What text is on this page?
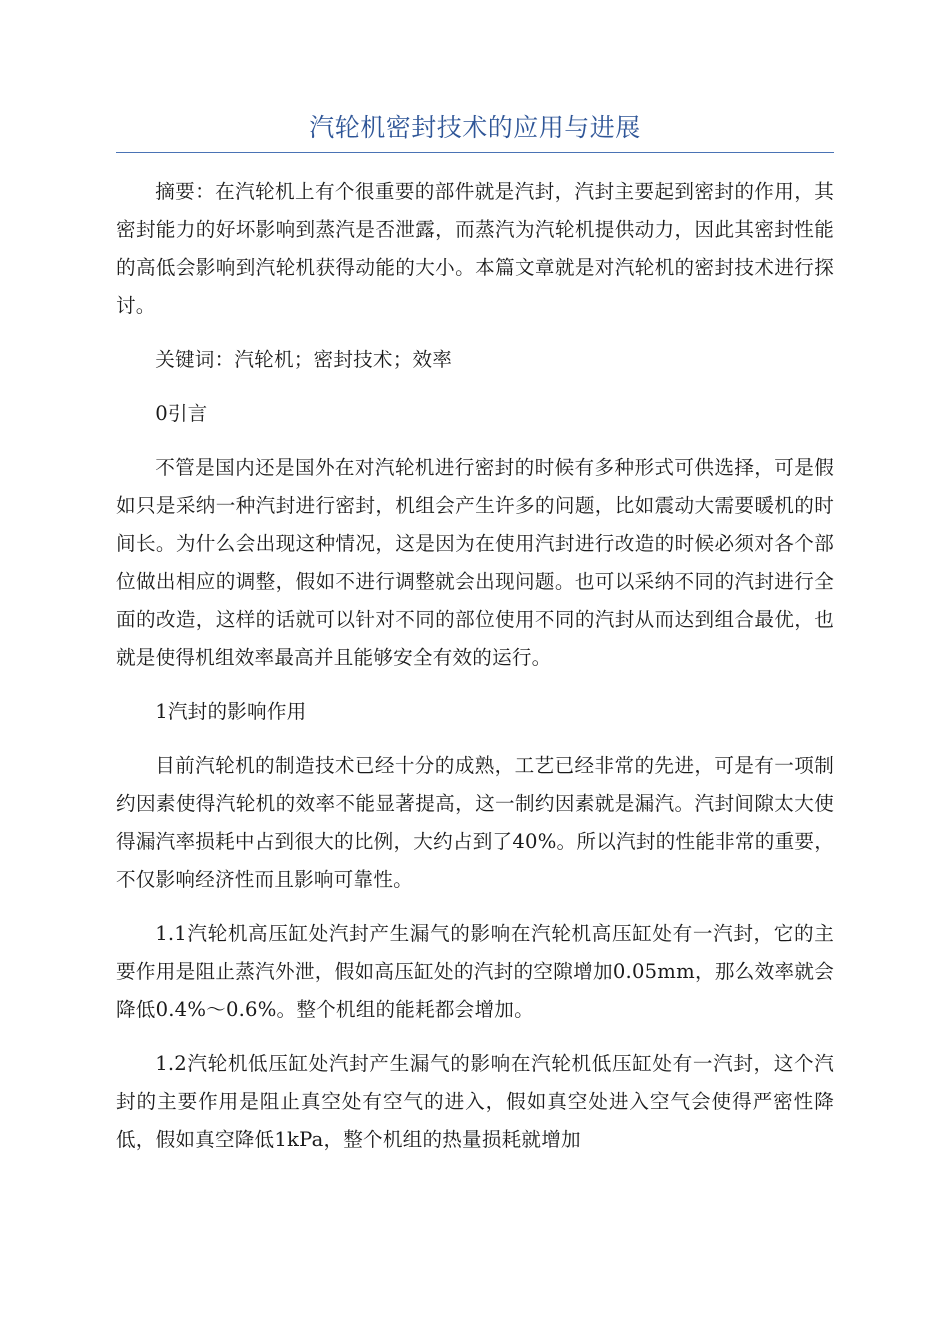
汽轮机密封技术的应用与进展

摘要：在汽轮机上有个很重要的部件就是汽封，汽封主要起到密封的作用，其密封能力的好坏影响到蒸汽是否泄露，而蒸汽为汽轮机提供动力，因此其密封性能的高低会影响到汽轮机获得动能的大小。本篇文章就是对汽轮机的密封技术进行探讨。

关键词：汽轮机；密封技术；效率

0引言

不管是国内还是国外在对汽轮机进行密封的时候有多种形式可供选择，可是假如只是采纳一种汽封进行密封，机组会产生许多的问题，比如震动大需要暖机的时间长。为什么会出现这种情况，这是因为在使用汽封进行改造的时候必须对各个部位做出相应的调整，假如不进行调整就会出现问题。也可以采纳不同的汽封进行全面的改造，这样的话就可以针对不同的部位使用不同的汽封从而达到组合最优，也就是使得机组效率最高并且能够安全有效的运行。

1汽封的影响作用

目前汽轮机的制造技术已经十分的成熟，工艺已经非常的先进，可是有一项制约因素使得汽轮机的效率不能显著提高，这一制约因素就是漏汽。汽封间隙太大使得漏汽率损耗中占到很大的比例，大约占到了40%。所以汽封的性能非常的重要，不仅影响经济性而且影响可靠性。

1.1汽轮机高压缸处汽封产生漏气的影响在汽轮机高压缸处有一汽封，它的主要作用是阻止蒸汽外泄，假如高压缸处的汽封的空隙增加0.05mm，那么效率就会降低0.4%～0.6%。整个机组的能耗都会增加。

1.2汽轮机低压缸处汽封产生漏气的影响在汽轮机低压缸处有一汽封，这个汽封的主要作用是阻止真空处有空气的进入，假如真空处进入空气会使得严密性降低，假如真空降低1kPa，整个机组的热量损耗就增加
